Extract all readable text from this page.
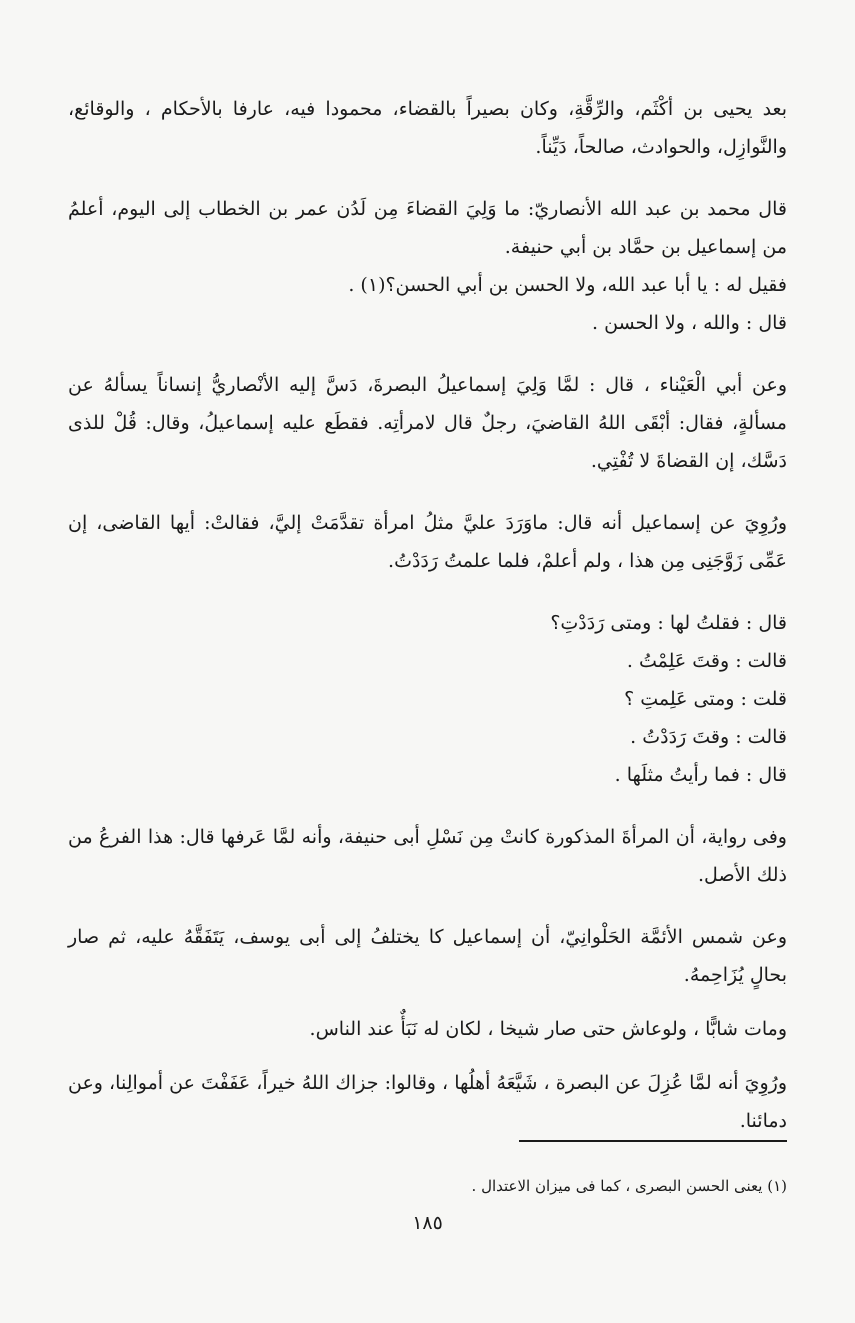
بعد يحيى بن أكْثَم، والرِّقَّةِ، وكان بصيراً بالقضاء، محمودا فيه، عارفا بالأحكام ، والوقائع، والنَّوازِل، والحوادث، صالحاً، دَيِّناً.

قال محمد بن عبد الله الأنصاريّ: ما وَلِيَ القضاءَ مِن لَدُن عمر بن الخطاب إلى اليوم، أعلمُ من إسماعيل بن حمَّاد بن أبي حنيفة.

فقيل له : يا أبا عبد الله، ولا الحسن بن أبي الحسن؟(١) .

قال : والله ، ولا الحسن .

وعن أبي الْعَيْناء ، قال : لمَّا وَلِيَ إسماعيلُ البصرةَ، دَسَّ إليه الأنْصاريُّ إنساناً يسألهُ عن مسألةٍ، فقال: أبْقَى اللهُ القاضيَ، رجلٌ قال لامرأتِه. فقطَع عليه إسماعيلُ، وقال: قُلْ للذى دَسَّك، إن القضاةَ لا تُفْتِي.

ورُوِيَ عن إسماعيل أنه قال: ماوَرَدَ عليَّ مثلُ امرأة تقدَّمَتْ إليَّ، فقالتْ: أيها القاضى، إن عَمِّى زَوَّجَنِى مِن هذا ، ولم أعلمْ، فلما علمتُ رَدَدْتُ.

قال : فقلتُ لها : ومتى رَدَدْتِ؟

قالت : وقتَ عَلِمْتُ .

قلت : ومتى عَلِمتِ ؟

قالت : وقتَ رَدَدْتُ .

قال : فما رأيتُ مثلَها .

وفى رواية، أن المرأةَ المذكورة كانتْ مِن نَسْلِ أبى حنيفة، وأنه لمَّا عَرفها قال: هذا الفرعُ من ذلك الأصل.

وعن شمس الأئمَّة الحَلْوانِيّ، أن إسماعيل كا يختلفُ إلى أبى يوسف، يَتَفَقَّهُ عليه، ثم صار بحالٍ يُزَاحِمهُ.

ومات شابًّا ، ولوعاش حتى صار شيخا ، لكان له نَبَأٌ عند الناس.

ورُوِيَ أنه لمَّا عُزِلَ عن البصرة ، شَيَّعَهُ أهلُها ، وقالوا: جزاك اللهُ خيراً، عَفَفْتَ عن أموالِنا، وعن دمائنا.

(١) يعنى الحسن البصرى ، كما فى ميزان الاعتدال .
١٨٥
